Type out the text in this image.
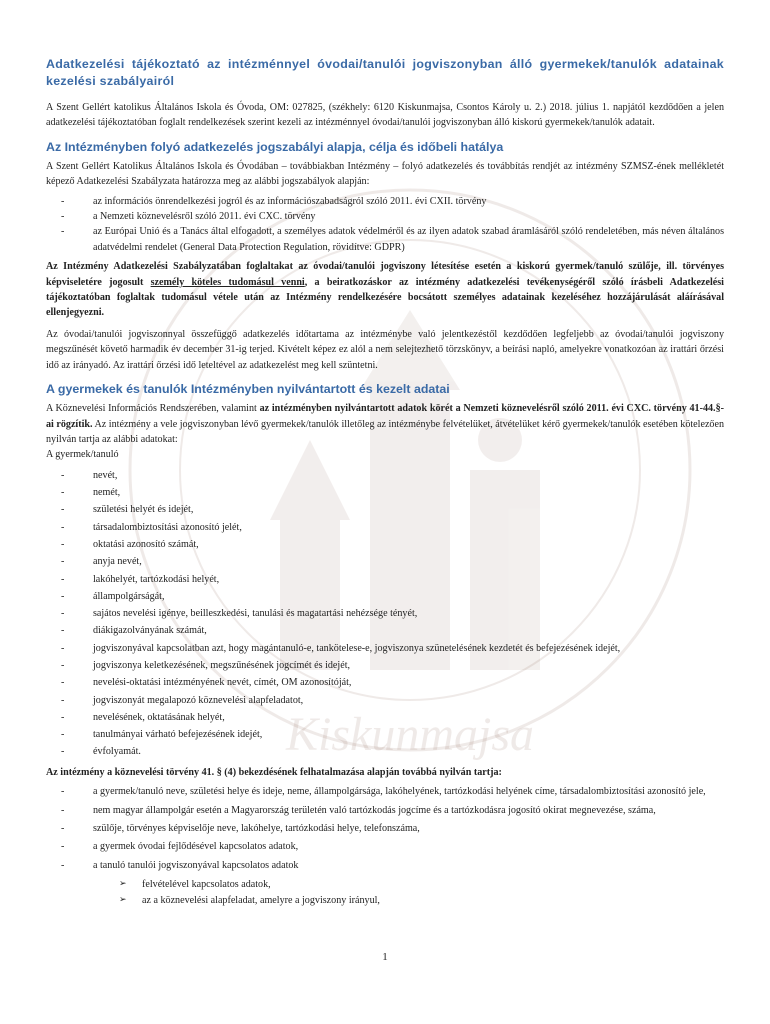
Kiskunmajsa
Adatkezelési tájékoztató az intézménnyel óvodai/tanulói jogviszonyban álló gyermekek/tanulók adatainak kezelési szabályairól

A Szent Gellért katolikus Általános Iskola és Óvoda, OM: 027825, (székhely: 6120 Kiskunmajsa, Csontos Károly u. 2.) 2018. július 1. napjától kezdődően a jelen adatkezelési tájékoztatóban foglalt rendelkezések szerint kezeli az intézménnyel óvodai/tanulói jogviszonyban álló kiskorú gyermekek/tanulók adatait.

Az Intézményben folyó adatkezelés jogszabályi alapja, célja és időbeli hatálya

A Szent Gellért Katolikus Általános Iskola és Óvodában – továbbiakban Intézmény – folyó adatkezelés és továbbítás rendjét az intézmény SZMSZ-ének mellékletét képező Adatkezelési Szabályzata határozza meg az alábbi jogszabályok alapján:

- az információs önrendelkezési jogról és az információszabadságról szóló 2011. évi CXII. törvény
- a Nemzeti köznevelésről szóló 2011. évi CXC. törvény
- az Európai Unió és a Tanács által elfogadott, a személyes adatok védelméről és az ilyen adatok szabad áramlásáról szóló rendeletében, más néven általános adatvédelmi rendelet (General Data Protection Regulation, rövidítve: GDPR)

Az Intézmény Adatkezelési Szabályzatában foglaltakat az óvodai/tanulói jogviszony létesítése esetén a kiskorú gyermek/tanuló szülője, ill. törvényes képviseletére jogosult személy köteles tudomásul venni, a beiratkozáskor az intézmény adatkezelési tevékenységéről szóló írásbeli Adatkezelési tájékoztatóban foglaltak tudomásul vétele után az Intézmény rendelkezésére bocsátott személyes adatainak kezeléséhez hozzájárulását aláírásával ellenjegyezni.

Az óvodai/tanulói jogviszonnyal összefüggő adatkezelés időtartama az intézménybe való jelentkezéstől kezdődően legfeljebb az óvodai/tanulói jogviszony megszűnését követő harmadik év december 31-ig terjed. Kivételt képez ez alól a nem selejtezhető törzskönyv, a beírási napló, amelyekre vonatkozóan az irattári őrzési idő az irányadó. Az irattári őrzési idő leteltével az adatkezelést meg kell szüntetni.

A gyermekek és tanulók Intézményben nyilvántartott és kezelt adatai

A Köznevelési Információs Rendszerében, valamint az intézményben nyilvántartott adatok körét a Nemzeti köznevelésről szóló 2011. évi CXC. törvény 41-44.§-ai rögzítik. Az intézmény a vele jogviszonyban lévő gyermekek/tanulók illetőleg az intézménybe felvételüket, átvételüket kérő gyermekek/tanulók esetében kötelezően nyilván tartja az alábbi adatokat:

A gyermek/tanuló

- nevét,
- nemét,
- születési helyét és idejét,
- társadalombiztosítási azonosító jelét,
- oktatási azonosító számát,
- anyja nevét,
- lakóhelyét, tartózkodási helyét,
- állampolgárságát,
- sajátos nevelési igénye, beilleszkedési, tanulási és magatartási nehézsége tényét,
- diákigazolványának számát,
- jogviszonyával kapcsolatban azt, hogy magántanuló-e, tankötelese-e, jogviszonya szünetelésének kezdetét és befejezésének idejét,
- jogviszonya keletkezésének, megszűnésének jogcímét és idejét,
- nevelési-oktatási intézményének nevét, címét, OM azonosítóját,
- jogviszonyát megalapozó köznevelési alapfeladatot,
- nevelésének, oktatásának helyét,
- tanulmányai várható befejezésének idejét,
- évfolyamát.

Az intézmény a köznevelési törvény 41. § (4) bekezdésének felhatalmazása alapján továbbá nyilván tartja:

- a gyermek/tanuló neve, születési helye és ideje, neme, állampolgársága, lakóhelyének, tartózkodási helyének címe, társadalombiztosítási azonosító jele,
- nem magyar állampolgár esetén a Magyarország területén való tartózkodás jogcíme és a tartózkodásra jogosító okirat megnevezése, száma,
- szülője, törvényes képviselője neve, lakóhelye, tartózkodási helye, telefonszáma,
- a gyermek óvodai fejlődésével kapcsolatos adatok,
- a tanuló tanulói jogviszonyával kapcsolatos adatok
➢ felvételével kapcsolatos adatok,
➢ az a köznevelési alapfeladat, amelyre a jogviszony irányul,
1
